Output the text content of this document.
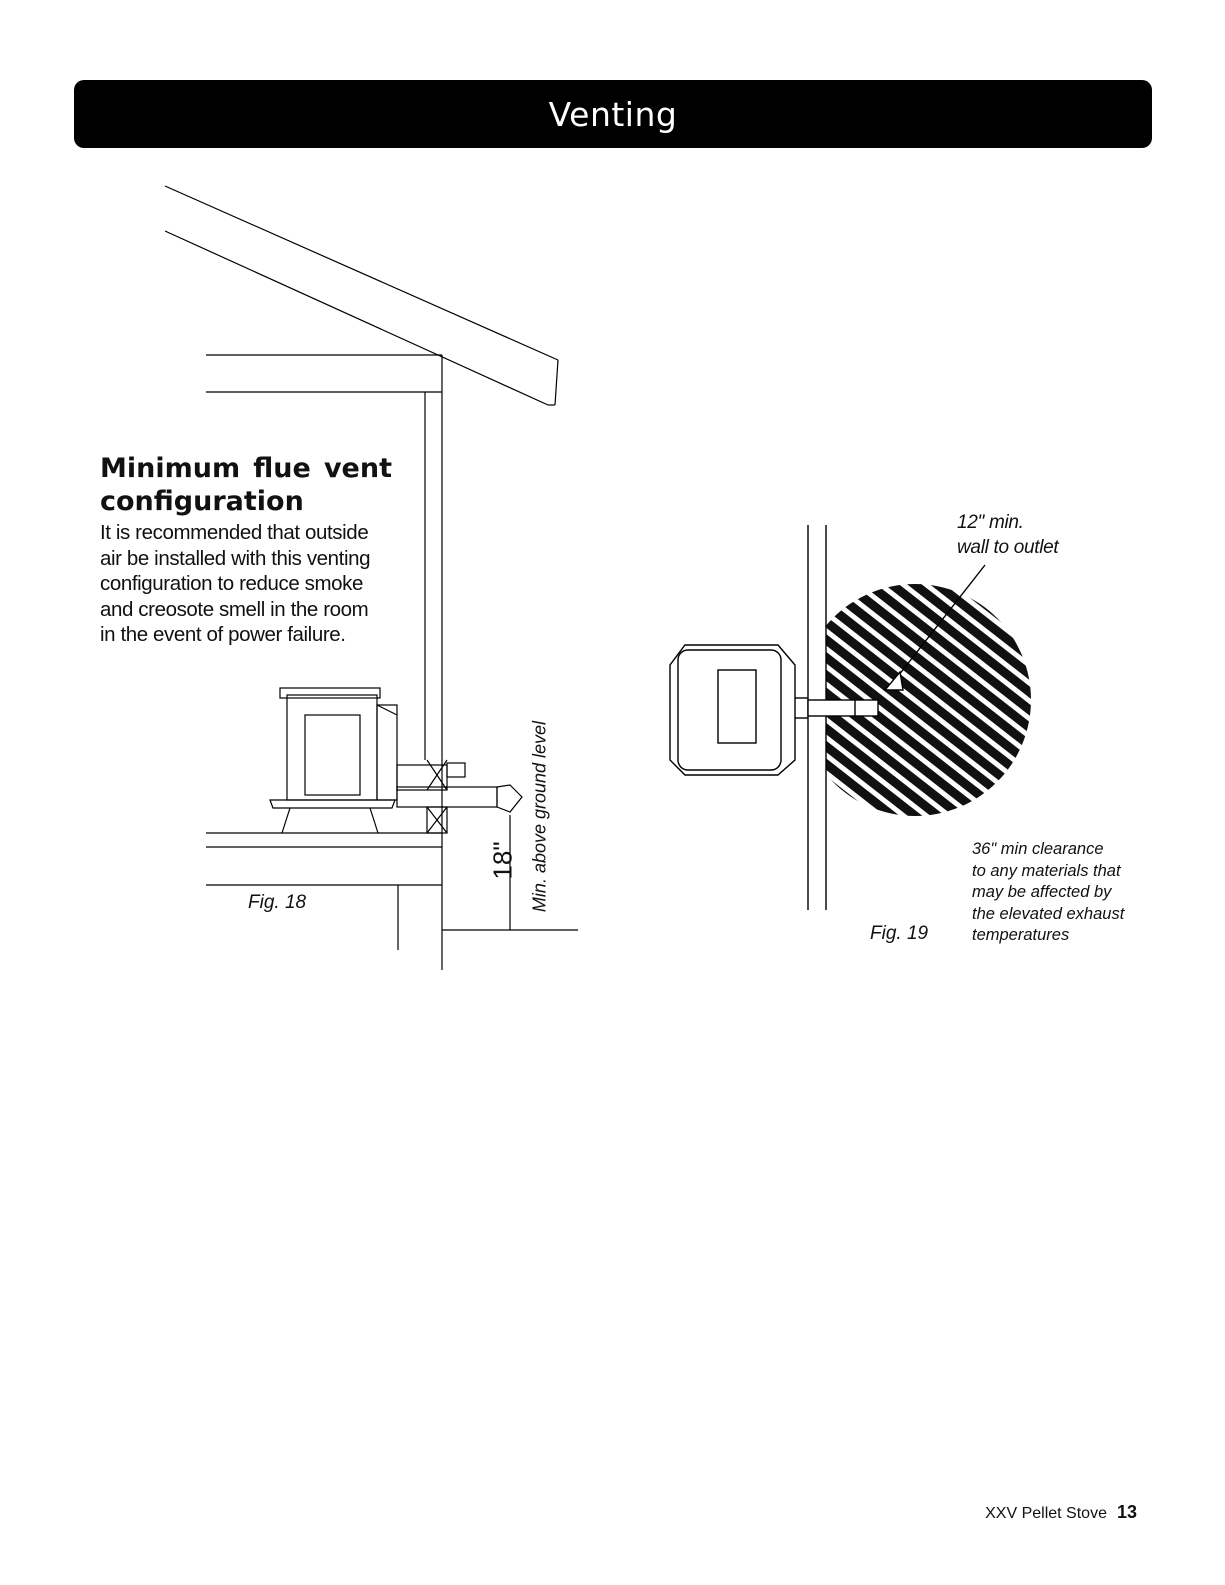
Venting
Minimum flue vent
configuration
It is recommended that outside
air be installed with this venting
configuration to reduce smoke
and creosote smell in the room
in the event of power failure.
Fig. 18
18" Min. above ground level
12" min.
wall to outlet
36" min clearance
to any materials that
may be affected by
the elevated exhaust
temperatures
Fig. 19
XXV Pellet Stove 13
